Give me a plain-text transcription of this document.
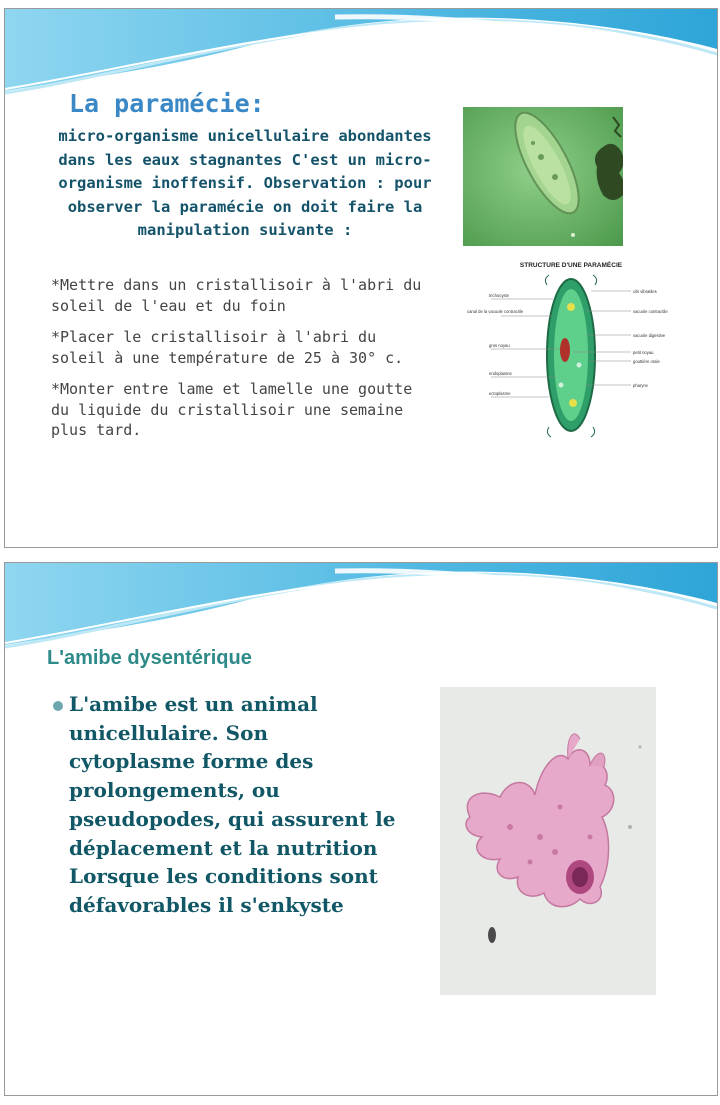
La paramécie:

micro-organisme unicellulaire abondantes dans les eaux stagnantes C'est un micro-organisme inoffensif. Observation : pour observer la paramécie on doit faire la manipulation suivante :

*Mettre dans un cristallisoir à l'abri du soleil de l'eau et du foin

*Placer le cristallisoir à l'abri du soleil à une température de 25 à 30° c.

*Monter entre lame et lamelle une goutte du liquide du cristallisoir une semaine plus tard.

STRUCTURE D'UNE PARAMÉCIE
trichocyste
canal de la vacuole contractile
gros noyau
endoplasme
ectoplasme
cils vibratiles
vacuole contractile
vacuole digestive
petit noyau
gouttière orale
pharynx
L'amibe dysentérique

L'amibe est un animal unicellulaire. Son cytoplasme forme des prolongements, ou pseudopodes, qui assurent le déplacement et la nutrition Lorsque les conditions sont défavorables il s'enkyste
